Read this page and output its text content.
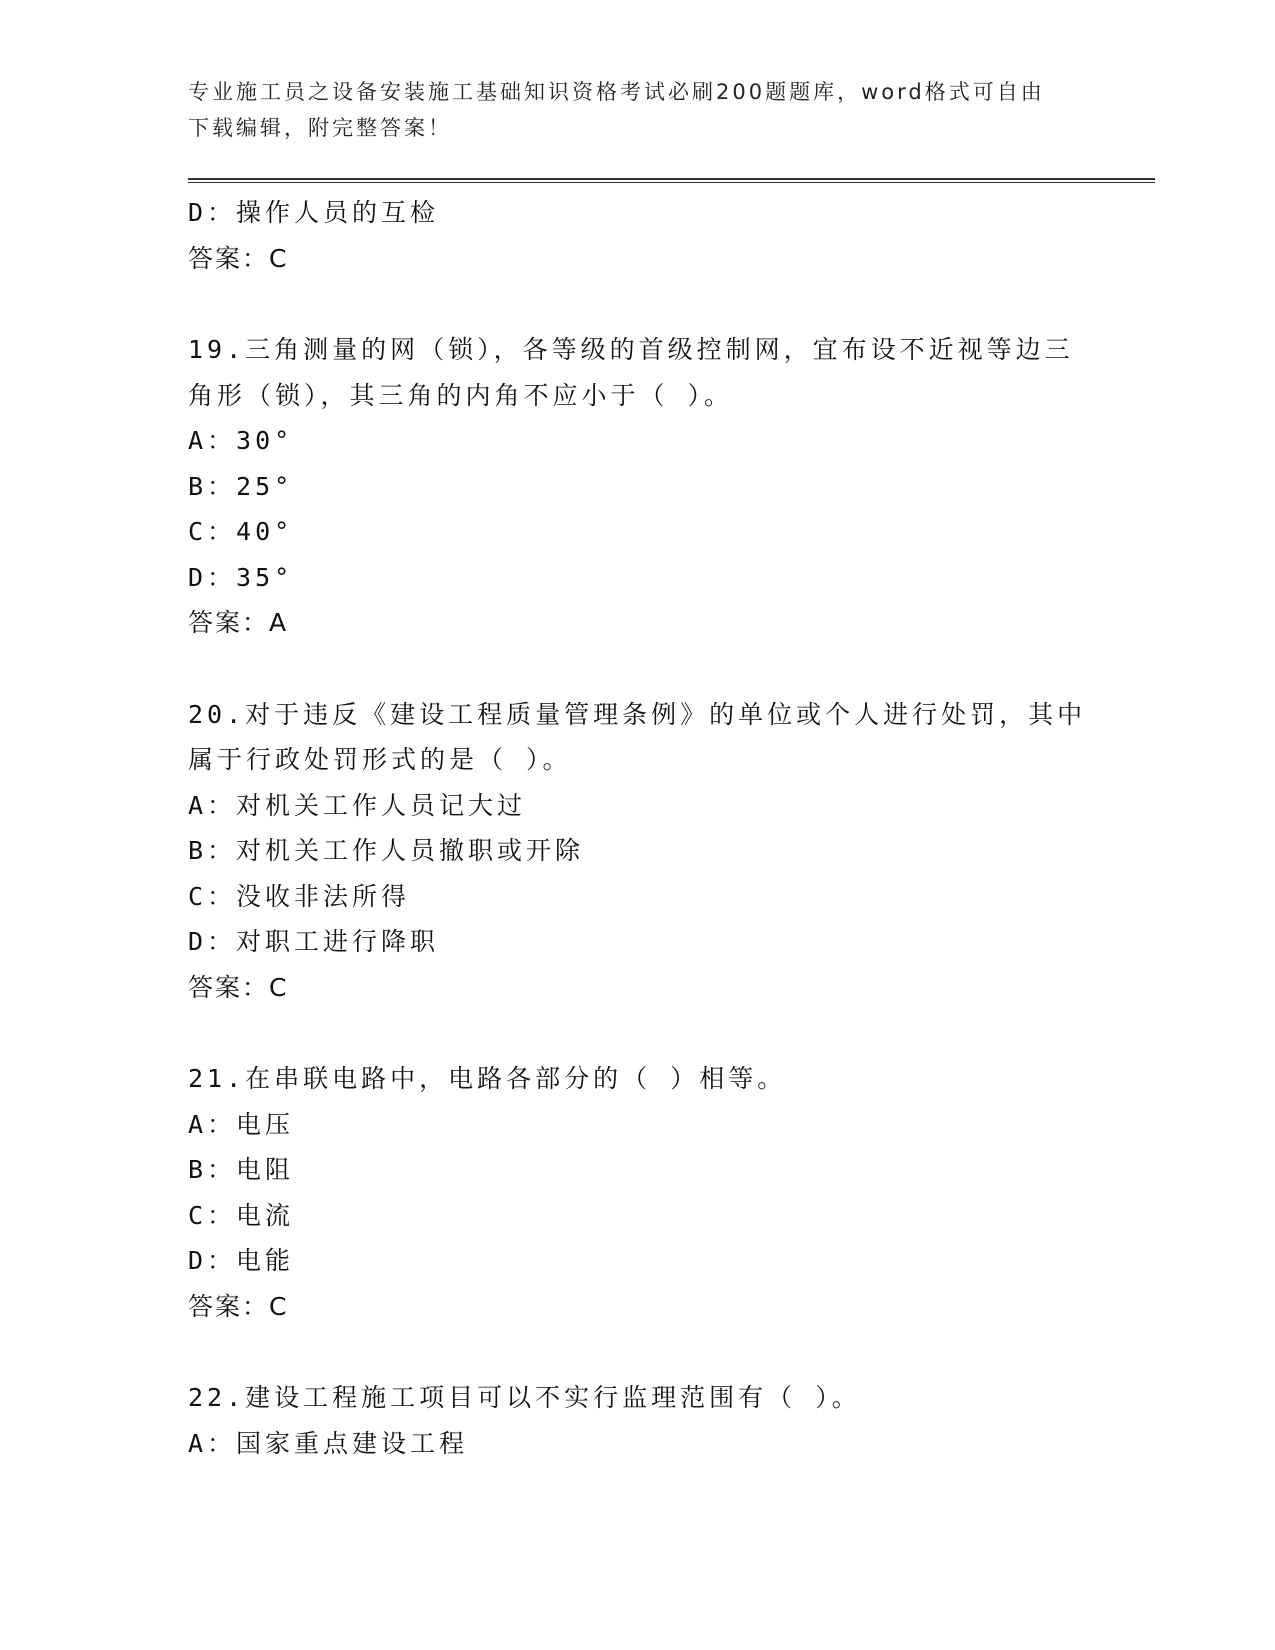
专业施工员之设备安装施工基础知识资格考试必刷200题题库，word格式可自由
下载编辑，附完整答案！
D：操作人员的互检
答案：C
19.三角测量的网（锁），各等级的首级控制网，宜布设不近视等边三
角形（锁），其三角的内角不应小于（ ）。
A：30°
B：25°
C：40°
D：35°
答案：A
20.对于违反《建设工程质量管理条例》的单位或个人进行处罚，其中
属于行政处罚形式的是（ ）。
A：对机关工作人员记大过
B：对机关工作人员撤职或开除
C：没收非法所得
D：对职工进行降职
答案：C
21.在串联电路中，电路各部分的（ ）相等。
A：电压
B：电阻
C：电流
D：电能
答案：C
22.建设工程施工项目可以不实行监理范围有（ ）。
A：国家重点建设工程
